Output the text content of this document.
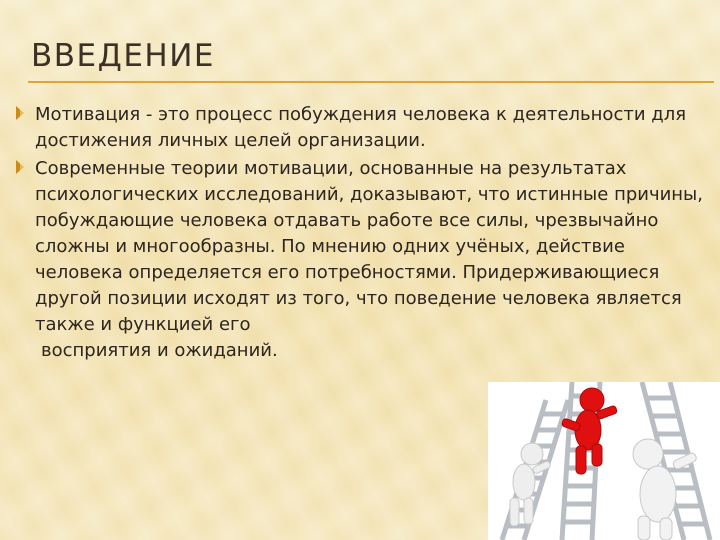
ВВЕДЕНИЕ
Мотивация - это процесс побуждения человека к деятельности для достижения личных целей организации.
Современные теории мотивации, основанные на результатах психологических исследований, доказывают, что истинные причины, побуждающие человека отдавать работе все силы, чрезвычайно сложны и многообразны. По мнению одних учёных, действие человека определяется его потребностями. Придерживающиеся другой позиции исходят из того, что поведение человека является также и функцией его
восприятия и ожиданий.
